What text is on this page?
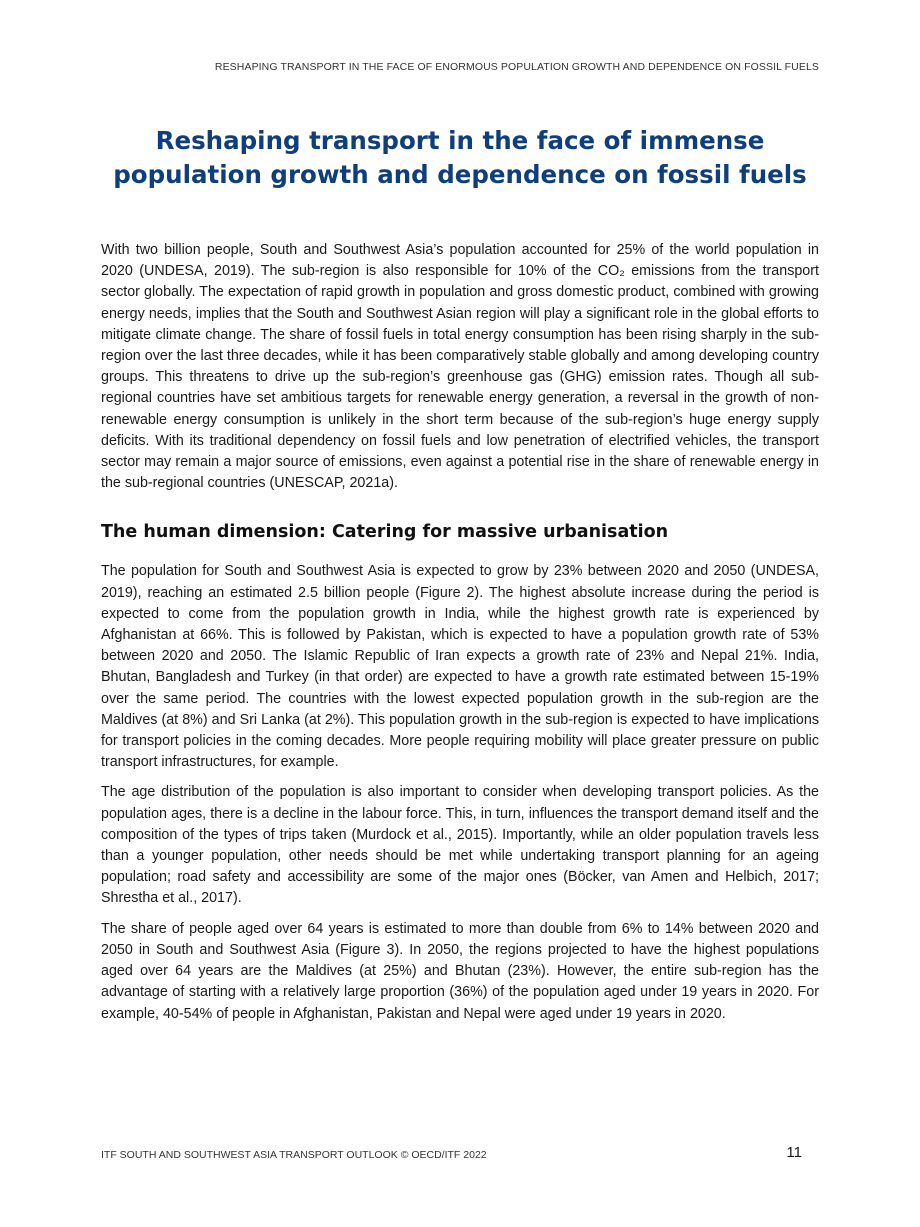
RESHAPING TRANSPORT IN THE FACE OF ENORMOUS POPULATION GROWTH AND DEPENDENCE ON FOSSIL FUELS
Reshaping transport in the face of immense population growth and dependence on fossil fuels

With two billion people, South and Southwest Asia’s population accounted for 25% of the world population in 2020 (UNDESA, 2019). The sub-region is also responsible for 10% of the CO₂ emissions from the transport sector globally. The expectation of rapid growth in population and gross domestic product, combined with growing energy needs, implies that the South and Southwest Asian region will play a significant role in the global efforts to mitigate climate change. The share of fossil fuels in total energy consumption has been rising sharply in the sub-region over the last three decades, while it has been comparatively stable globally and among developing country groups. This threatens to drive up the sub-region’s greenhouse gas (GHG) emission rates. Though all sub-regional countries have set ambitious targets for renewable energy generation, a reversal in the growth of non-renewable energy consumption is unlikely in the short term because of the sub-region’s huge energy supply deficits. With its traditional dependency on fossil fuels and low penetration of electrified vehicles, the transport sector may remain a major source of emissions, even against a potential rise in the share of renewable energy in the sub-regional countries (UNESCAP, 2021a).

The human dimension: Catering for massive urbanisation

The population for South and Southwest Asia is expected to grow by 23% between 2020 and 2050 (UNDESA, 2019), reaching an estimated 2.5 billion people (Figure 2). The highest absolute increase during the period is expected to come from the population growth in India, while the highest growth rate is experienced by Afghanistan at 66%. This is followed by Pakistan, which is expected to have a population growth rate of 53% between 2020 and 2050. The Islamic Republic of Iran expects a growth rate of 23% and Nepal 21%. India, Bhutan, Bangladesh and Turkey (in that order) are expected to have a growth rate estimated between 15-19% over the same period. The countries with the lowest expected population growth in the sub-region are the Maldives (at 8%) and Sri Lanka (at 2%). This population growth in the sub-region is expected to have implications for transport policies in the coming decades. More people requiring mobility will place greater pressure on public transport infrastructures, for example.

The age distribution of the population is also important to consider when developing transport policies. As the population ages, there is a decline in the labour force. This, in turn, influences the transport demand itself and the composition of the types of trips taken (Murdock et al., 2015). Importantly, while an older population travels less than a younger population, other needs should be met while undertaking transport planning for an ageing population; road safety and accessibility are some of the major ones (Böcker, van Amen and Helbich, 2017; Shrestha et al., 2017).

The share of people aged over 64 years is estimated to more than double from 6% to 14% between 2020 and 2050 in South and Southwest Asia (Figure 3). In 2050, the regions projected to have the highest populations aged over 64 years are the Maldives (at 25%) and Bhutan (23%). However, the entire sub-region has the advantage of starting with a relatively large proportion (36%) of the population aged under 19 years in 2020. For example, 40-54% of people in Afghanistan, Pakistan and Nepal were aged under 19 years in 2020.

ITF SOUTH AND SOUTHWEST ASIA TRANSPORT OUTLOOK © OECD/ITF 2022	11
